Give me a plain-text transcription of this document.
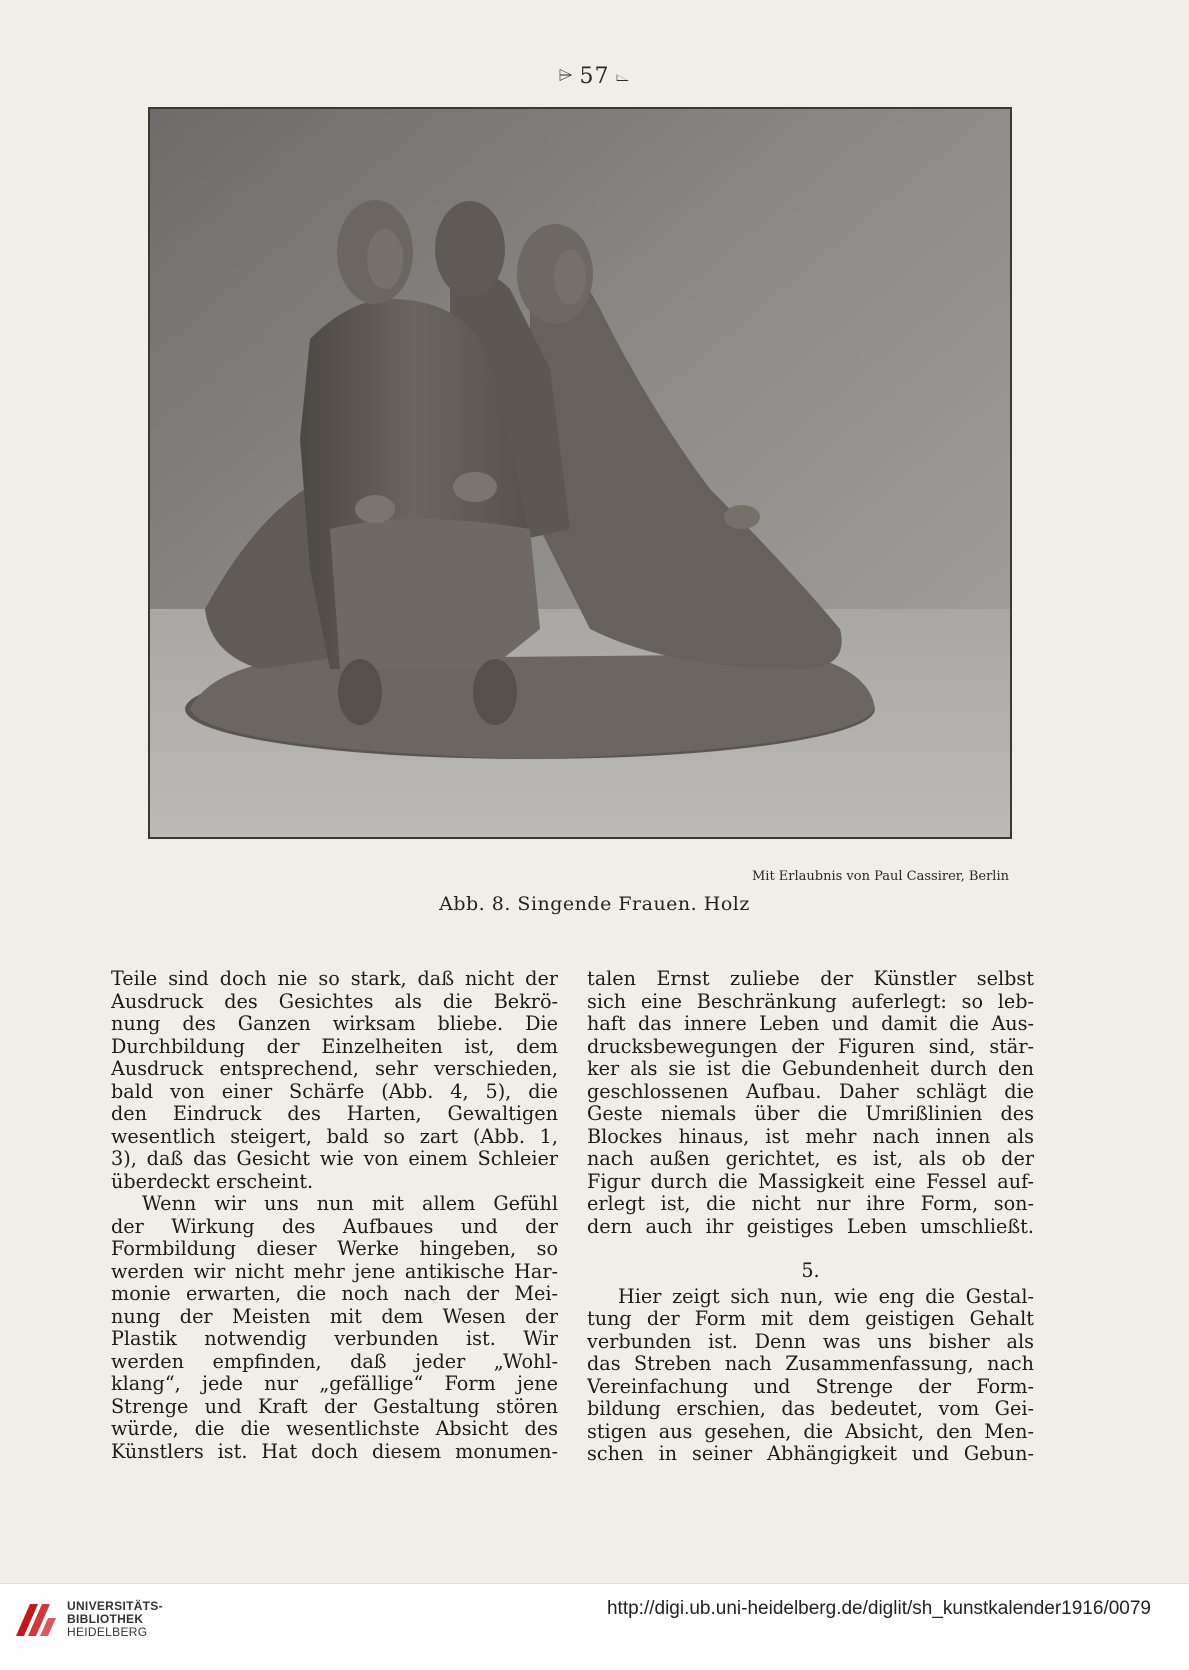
⌲ 57 ⌳
Mit Erlaubnis von Paul Cassirer, Berlin
Abb. 8. Singende Frauen. Holz
Teile sind doch nie so stark, daß nicht der
Ausdruck des Gesichtes als die Bekrö-
nung des Ganzen wirksam bliebe. Die
Durchbildung der Einzelheiten ist, dem
Ausdruck entsprechend, sehr verschieden,
bald von einer Schärfe (Abb. 4, 5), die
den Eindruck des Harten, Gewaltigen
wesentlich steigert, bald so zart (Abb. 1,
3), daß das Gesicht wie von einem Schleier
überdeckt erscheint.
Wenn wir uns nun mit allem Gefühl
der Wirkung des Aufbaues und der
Formbildung dieser Werke hingeben, so
werden wir nicht mehr jene antikische Har-
monie erwarten, die noch nach der Mei-
nung der Meisten mit dem Wesen der
Plastik notwendig verbunden ist. Wir
werden empfinden, daß jeder „Wohl-
klang“, jede nur „gefällige“ Form jene
Strenge und Kraft der Gestaltung stören
würde, die die wesentlichste Absicht des
Künstlers ist. Hat doch diesem monumen-
talen Ernst zuliebe der Künstler selbst
sich eine Beschränkung auferlegt: so leb-
haft das innere Leben und damit die Aus-
drucksbewegungen der Figuren sind, stär-
ker als sie ist die Gebundenheit durch den
geschlossenen Aufbau. Daher schlägt die
Geste niemals über die Umrißlinien des
Blockes hinaus, ist mehr nach innen als
nach außen gerichtet, es ist, als ob der
Figur durch die Massigkeit eine Fessel auf-
erlegt ist, die nicht nur ihre Form, son-
dern auch ihr geistiges Leben umschließt.
5.
Hier zeigt sich nun, wie eng die Gestal-
tung der Form mit dem geistigen Gehalt
verbunden ist. Denn was uns bisher als
das Streben nach Zusammenfassung, nach
Vereinfachung und Strenge der Form-
bildung erschien, das bedeutet, vom Gei-
stigen aus gesehen, die Absicht, den Men-
schen in seiner Abhängigkeit und Gebun-
UNIVERSITÄTS-
BIBLIOTHEK
HEIDELBERG
http://digi.ub.uni-heidelberg.de/diglit/sh_kunstkalender1916/0079
